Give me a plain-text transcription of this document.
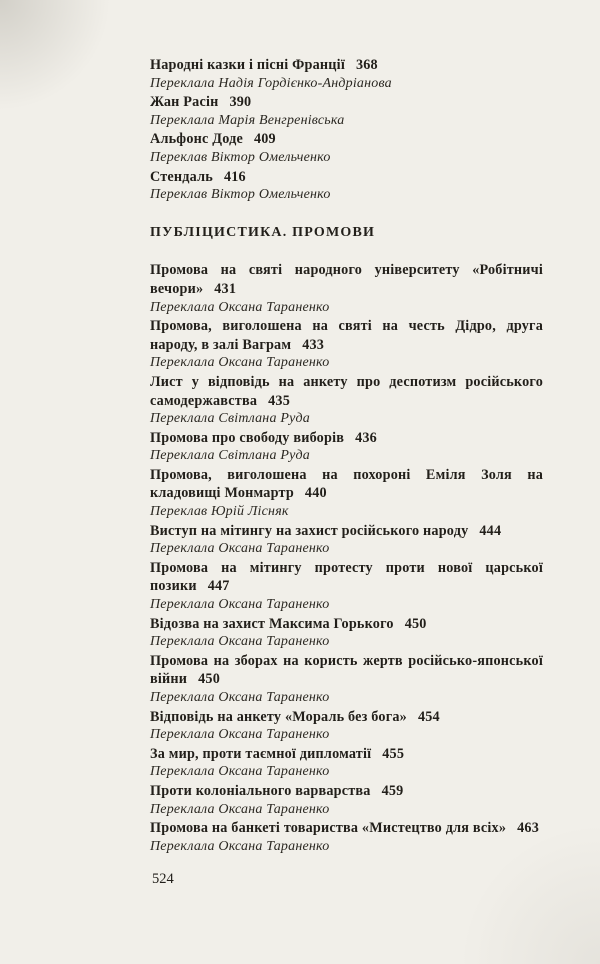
Народні казки і пісні Франції 368

Переклала Надія Гордієнко-Андріанова

Жан Расін 390

Переклала Марія Венгренівська

Альфонс Доде 409

Переклав Віктор Омельченко

Стендаль 416

Переклав Віктор Омельченко

ПУБЛІЦИСТИКА. ПРОМОВИ

Промова на святі народного університету «Робітничі вечори» 431

Переклала Оксана Тараненко

Промова, виголошена на святі на честь Дідро, друга народу, в залі Ваграм 433

Переклала Оксана Тараненко

Лист у відповідь на анкету про деспотизм російського самодержавства 435

Переклала Світлана Руда

Промова про свободу виборів 436

Переклала Світлана Руда

Промова, виголошена на похороні Еміля Золя на кладовищі Монмартр 440

Переклав Юрій Лісняк

Виступ на мітингу на захист російського народу 444

Переклала Оксана Тараненко

Промова на мітингу протесту проти нової царської позики 447

Переклала Оксана Тараненко

Відозва на захист Максима Горького 450

Переклала Оксана Тараненко

Промова на зборах на користь жертв російсько-японської війни 450

Переклала Оксана Тараненко

Відповідь на анкету «Мораль без бога» 454

Переклала Оксана Тараненко

За мир, проти таємної дипломатії 455

Переклала Оксана Тараненко

Проти колоніального варварства 459

Переклала Оксана Тараненко

Промова на банкеті товариства «Мистецтво для всіх» 463

Переклала Оксана Тараненко

524
